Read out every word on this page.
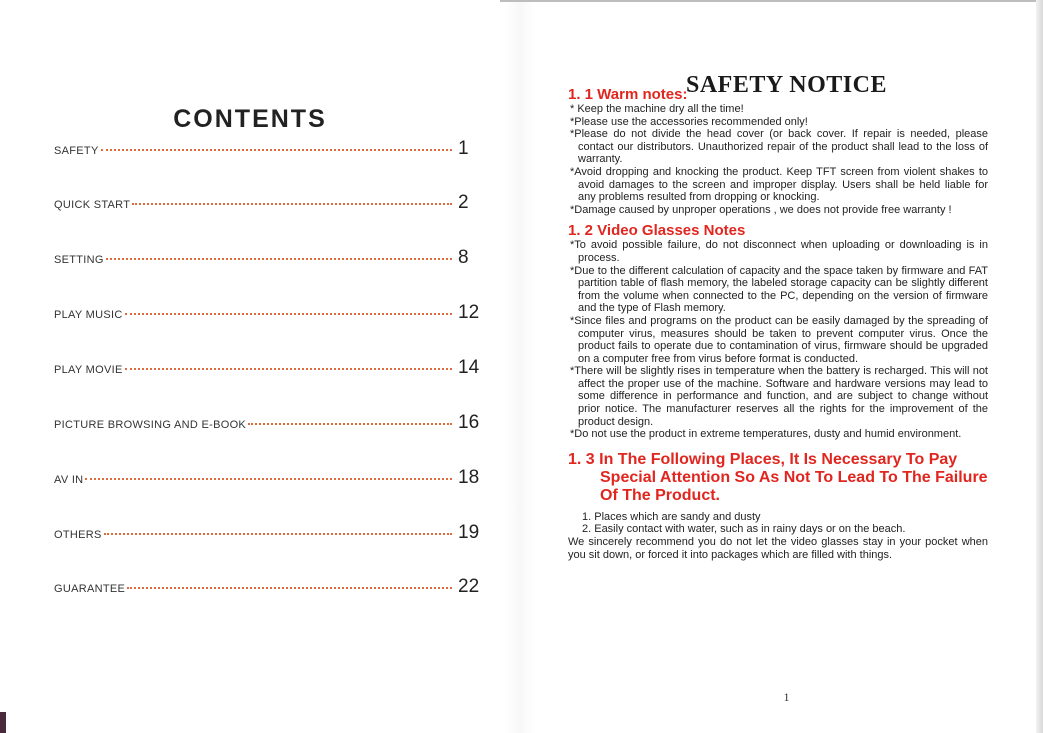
CONTENTS
SAFETY	1
QUICK START	2
SETTING	8
PLAY MUSIC	12
PLAY MOVIE	14
PICTURE BROWSING AND E-BOOK	16
AV IN	18
OTHERS	19
GUARANTEE	22
SAFETY NOTICE
1. 1 Warm notes:

* Keep the machine dry all the time!

*Please use the accessories recommended only!

*Please do not divide the head cover (or back cover. If repair is needed, please contact our distributors. Unauthorized repair of the product shall lead to the loss of warranty.

*Avoid dropping and knocking the product. Keep TFT screen from violent shakes to avoid damages to the screen and improper display. Users shall be held liable for any problems resulted from dropping or knocking.

*Damage caused by unproper operations , we does not provide free warranty !

1. 2 Video Glasses Notes

*To avoid possible failure, do not disconnect when uploading or downloading is in process.

*Due to the different calculation of capacity and the space taken by firmware and FAT partition table of flash memory, the labeled storage capacity can be slightly different from the volume when connected to the PC, depending on the version of firmware and the type of Flash memory.

*Since files and programs on the product can be easily damaged by the spreading of computer virus, measures should be taken to prevent computer virus. Once the product fails to operate due to contamination of virus, firmware should be upgraded on a computer free from virus before format is conducted.

*There will be slightly rises in temperature when the battery is recharged. This will not affect the proper use of the machine. Software and hardware versions may lead to some difference in performance and function, and are subject to change without prior notice. The manufacturer reserves all the rights for the improvement of the product design.

*Do not use the product in extreme temperatures, dusty and humid environment.

1. 3 In The Following Places, It Is Necessary To Pay
Special Attention So As Not To Lead To The Failure
Of The Product.

1. Places which are sandy and dusty

2. Easily contact with water, such as in rainy days or on the beach.

We sincerely recommend you do not let the video glasses stay in your pocket when you sit down, or forced it into packages which are filled with things.

1
